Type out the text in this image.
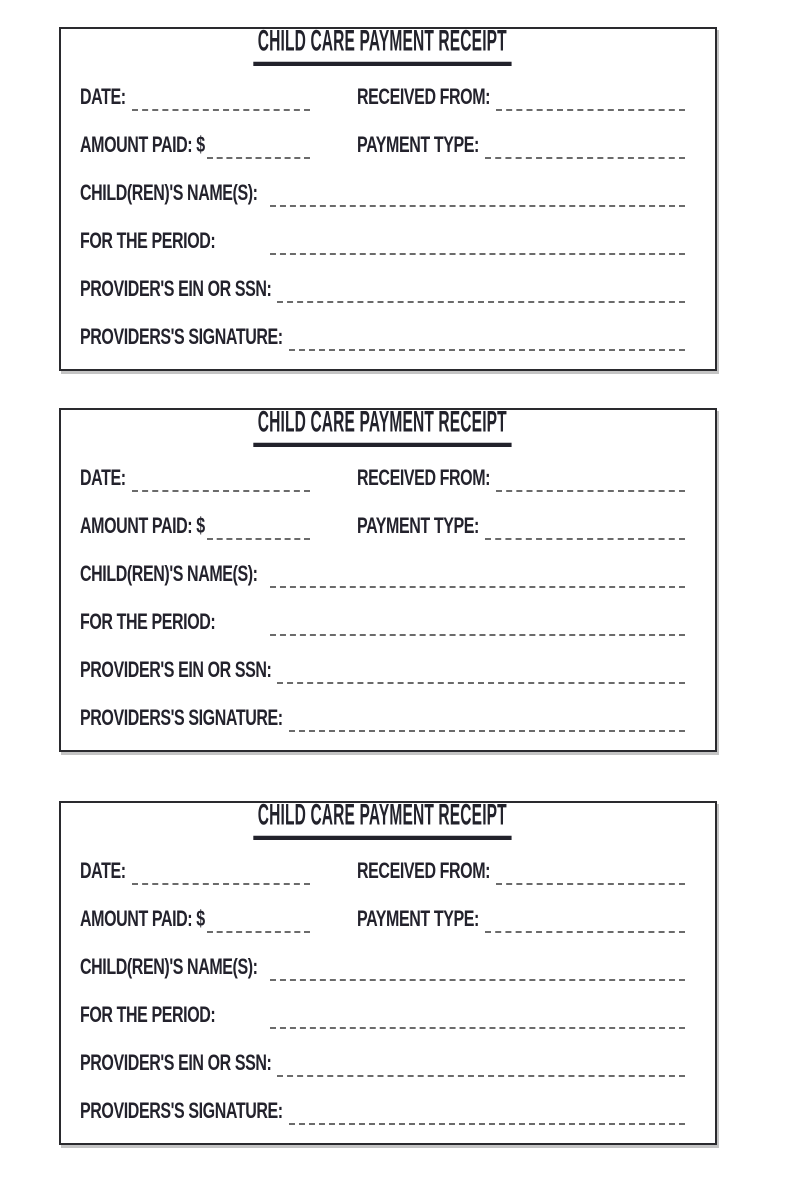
CHILD CARE PAYMENT RECEIPT
DATE:	RECEIVED FROM:
AMOUNT PAID: $	PAYMENT TYPE:
CHILD(REN)'S NAME(S):
FOR THE PERIOD:
PROVIDER'S EIN OR SSN:
PROVIDERS'S SIGNATURE:
CHILD CARE PAYMENT RECEIPT
DATE:	RECEIVED FROM:
AMOUNT PAID: $	PAYMENT TYPE:
CHILD(REN)'S NAME(S):
FOR THE PERIOD:
PROVIDER'S EIN OR SSN:
PROVIDERS'S SIGNATURE:
CHILD CARE PAYMENT RECEIPT
DATE:	RECEIVED FROM:
AMOUNT PAID: $	PAYMENT TYPE:
CHILD(REN)'S NAME(S):
FOR THE PERIOD:
PROVIDER'S EIN OR SSN:
PROVIDERS'S SIGNATURE:
